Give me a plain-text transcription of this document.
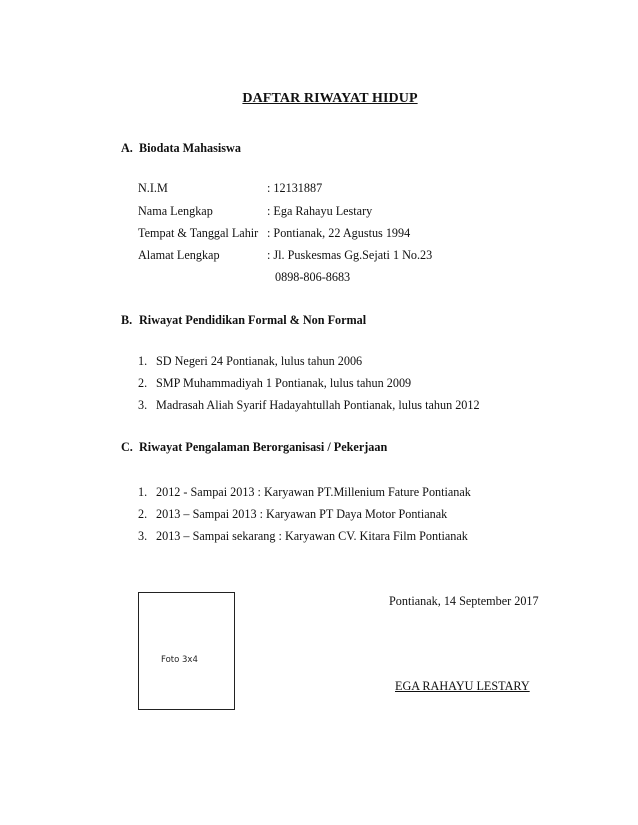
DAFTAR RIWAYAT HIDUP
A. Biodata Mahasiswa
N.I.M	: 12131887
Nama Lengkap	: Ega Rahayu Lestary
Tempat & Tanggal Lahir : Pontianak, 22 Agustus 1994
Alamat Lengkap	: Jl. Puskesmas Gg.Sejati 1 No.23
0898-806-8683
B. Riwayat Pendidikan Formal & Non Formal
1. SD Negeri 24 Pontianak, lulus tahun 2006
2. SMP Muhammadiyah 1 Pontianak, lulus tahun 2009
3. Madrasah Aliah Syarif Hadayahtullah Pontianak, lulus tahun 2012
C. Riwayat Pengalaman Berorganisasi / Pekerjaan
1. 2012 - Sampai 2013 : Karyawan PT.Millenium Fature Pontianak
2. 2013 – Sampai 2013 : Karyawan PT Daya Motor Pontianak
3. 2013 – Sampai sekarang : Karyawan CV. Kitara Film Pontianak
Foto 3x4
Pontianak, 14 September 2017
EGA RAHAYU LESTARY
